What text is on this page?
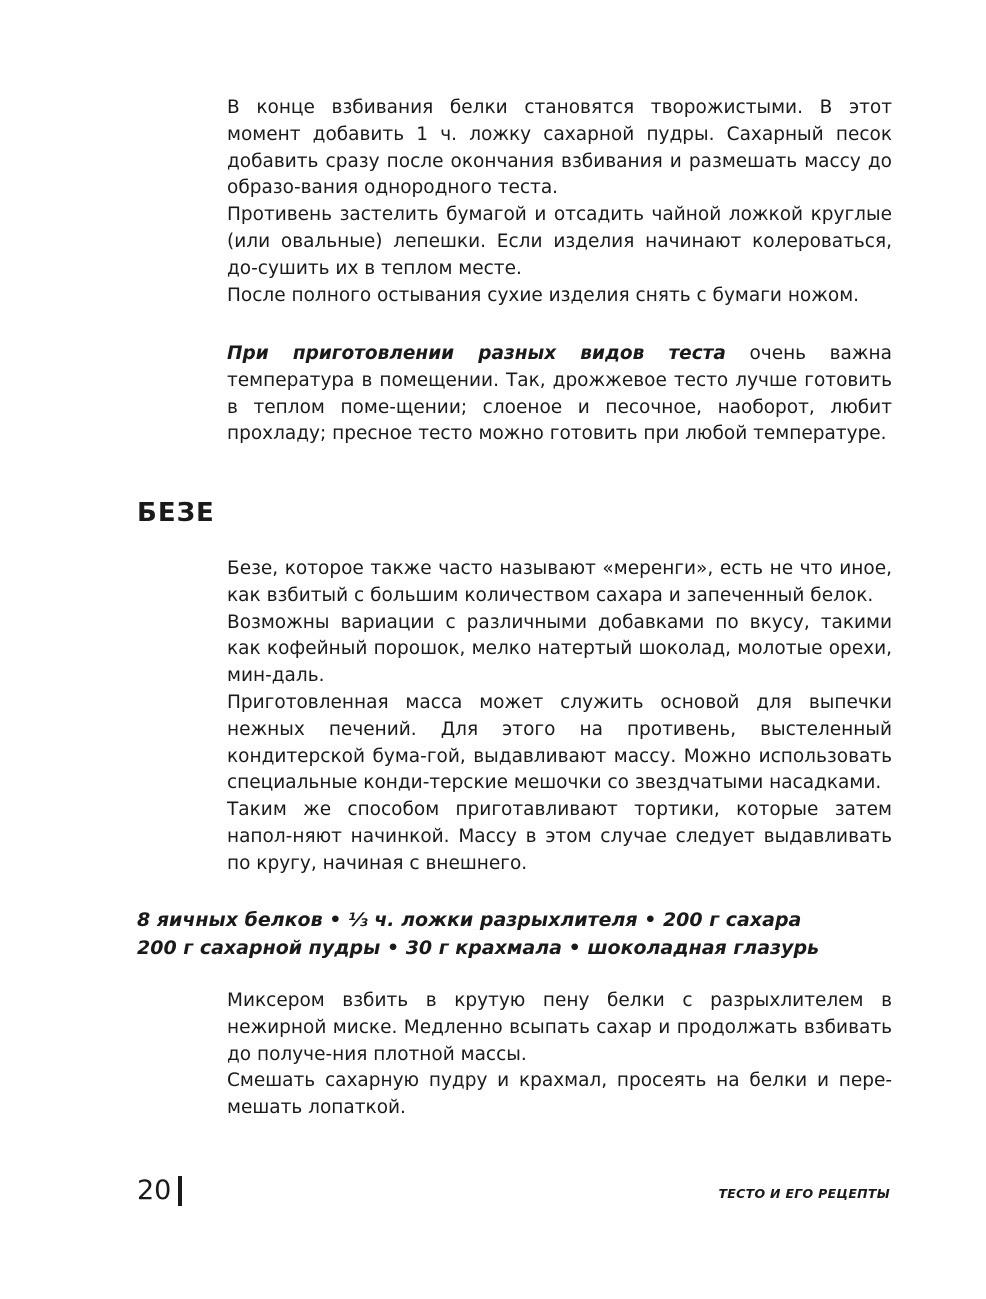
В конце взбивания белки становятся творожистыми. В этот момент добавить 1 ч. ложку сахарной пудры. Сахарный песок добавить сразу после окончания взбивания и размешать массу до образо-вания однородного теста.

Противень застелить бумагой и отсадить чайной ложкой круглые (или овальные) лепешки. Если изделия начинают колероваться, до-сушить их в теплом месте.

После полного остывания сухие изделия снять с бумаги ножом.

При приготовлении разных видов теста очень важна температура в помещении. Так, дрожжевое тесто лучше готовить в теплом поме-щении; слоеное и песочное, наоборот, любит прохладу; пресное тесто можно готовить при любой температуре.

БЕЗЕ

Безе, которое также часто называют «меренги», есть не что иное, как взбитый с большим количеством сахара и запеченный белок.

Возможны вариации с различными добавками по вкусу, такими как кофейный порошок, мелко натертый шоколад, молотые орехи, мин-даль.

Приготовленная масса может служить основой для выпечки нежных печений. Для этого на противень, выстеленный кондитерской бума-гой, выдавливают массу. Можно использовать специальные конди-терские мешочки со звездчатыми насадками.

Таким же способом приготавливают тортики, которые затем напол-няют начинкой. Массу в этом случае следует выдавливать по кругу, начиная с внешнего.

8 яичных белков • ⅓ ч. ложки разрыхлителя • 200 г сахара

200 г сахарной пудры • 30 г крахмала • шоколадная глазурь

Миксером взбить в крутую пену белки с разрыхлителем в нежирной миске. Медленно всыпать сахар и продолжать взбивать до получе-ния плотной массы.

Смешать сахарную пудру и крахмал, просеять на белки и пере-мешать лопаткой.

20	ТЕСТО И ЕГО РЕЦЕПТЫ
